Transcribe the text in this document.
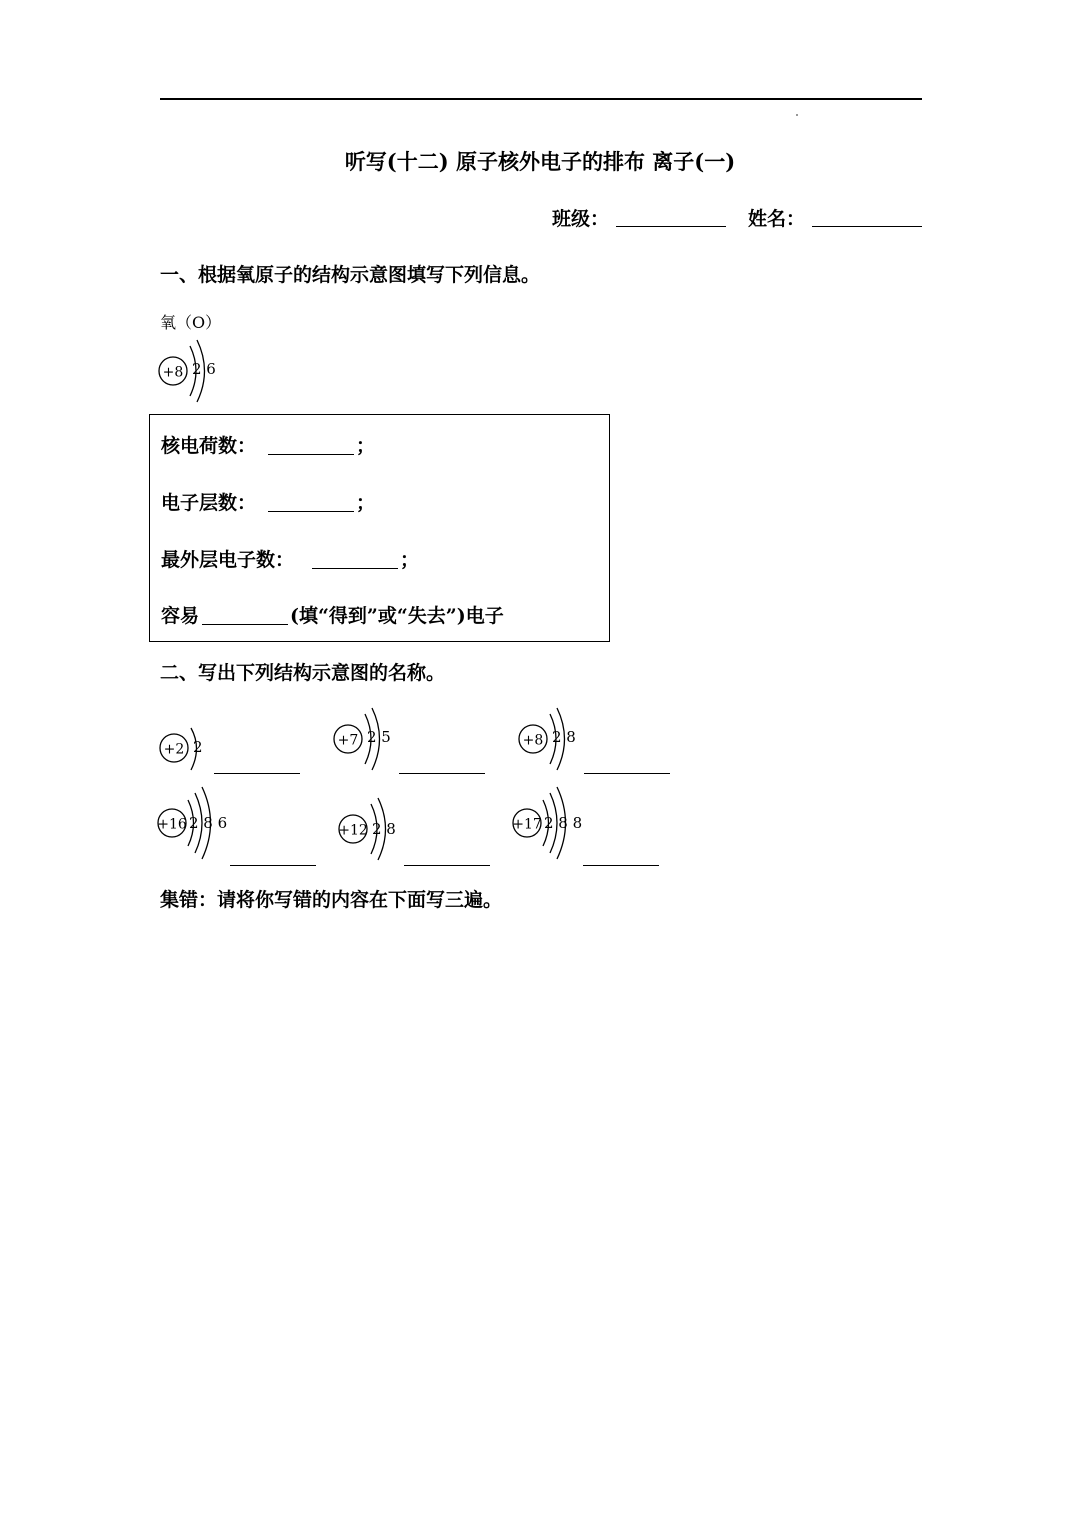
听写(十二) 原子核外电子的排布 离子(一)
班级：	姓名：
一、根据氧原子的结构示意图填写下列信息。
氧（O）
+8 2 6
核电荷数：	；
电子层数：	；
最外层电子数：	；
容易	(填“得到”或“失去”)电子
二、写出下列结构示意图的名称。
+2 2	+7 2 5	+8 2 8
+16 2 8 6	+12 2 8	+17 2 8 8
集错：请将你写错的内容在下面写三遍。
